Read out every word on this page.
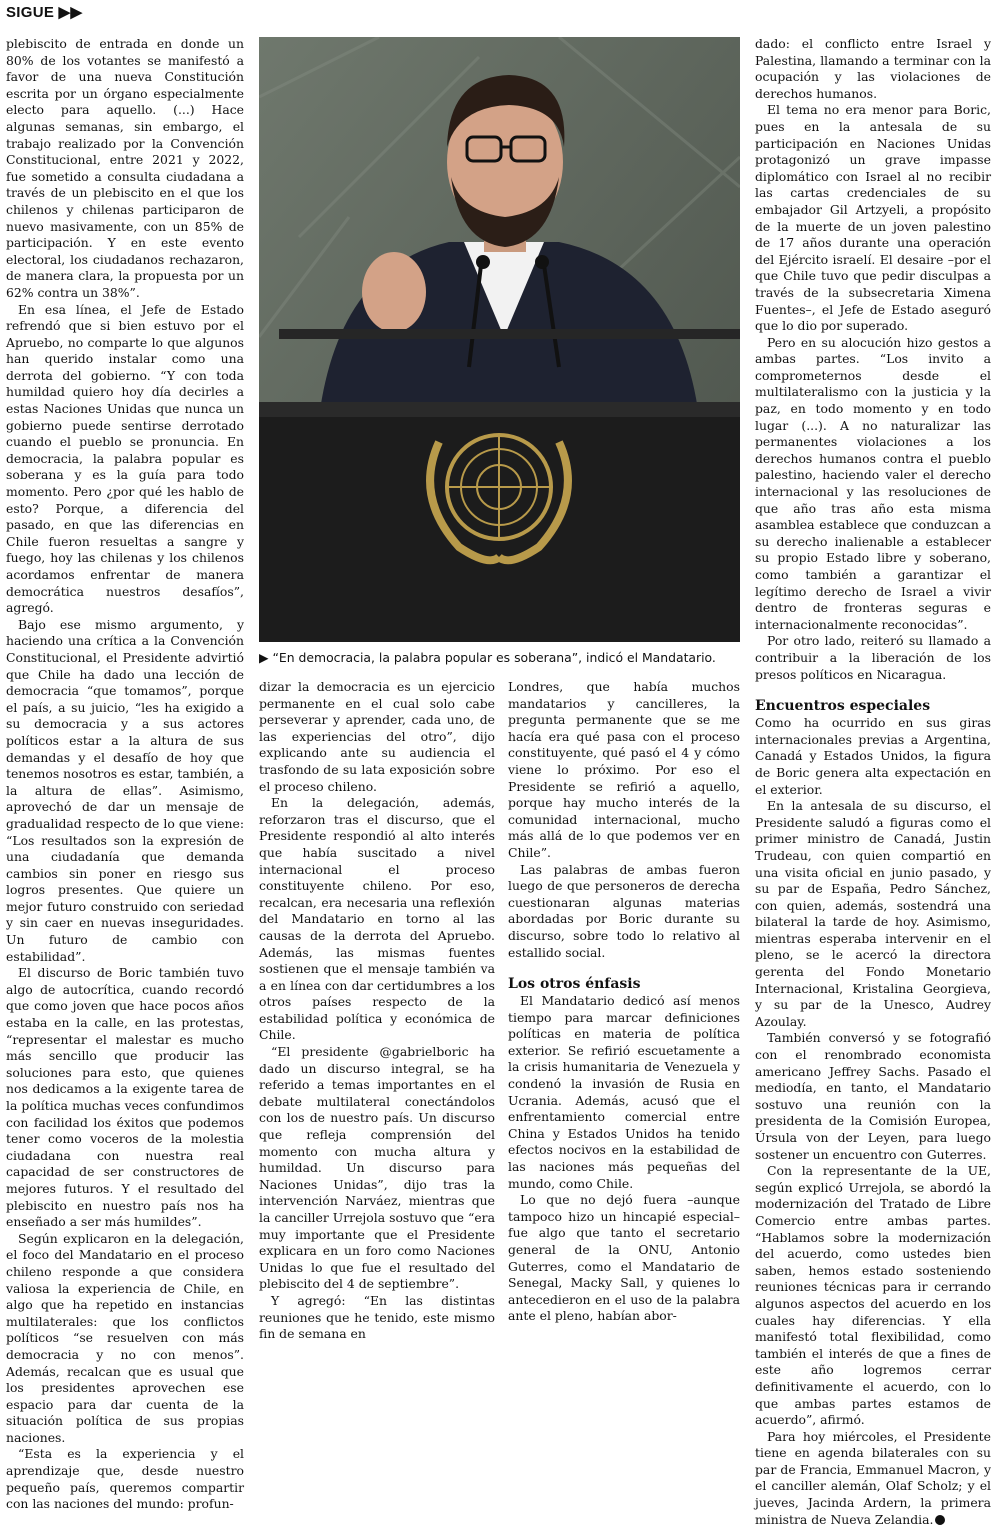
SIGUE ▶▶

plebiscito de entrada en donde un 80% de los votantes se manifestó a favor de una nueva Constitución escrita por un órgano especialmente electo para aquello. (...) Hace algunas semanas, sin embargo, el trabajo realizado por la Convención Constitucional, entre 2021 y 2022, fue sometido a consulta ciudadana a través de un plebiscito en el que los chilenos y chilenas participaron de nuevo masivamente, con un 85% de participación. Y en este evento electoral, los ciudadanos rechazaron, de manera clara, la propuesta por un 62% contra un 38%”.

En esa línea, el Jefe de Estado refrendó que si bien estuvo por el Apruebo, no comparte lo que algunos han querido instalar como una derrota del gobierno. “Y con toda humildad quiero hoy día decirles a estas Naciones Unidas que nunca un gobierno puede sentirse derrotado cuando el pueblo se pronuncia. En democracia, la palabra popular es soberana y es la guía para todo momento. Pero ¿por qué les hablo de esto? Porque, a diferencia del pasado, en que las diferencias en Chile fueron resueltas a sangre y fuego, hoy las chilenas y los chilenos acordamos enfrentar de manera democrática nuestros desafíos”, agregó.

Bajo ese mismo argumento, y haciendo una crítica a la Convención Constitucional, el Presidente advirtió que Chile ha dado una lección de democracia “que tomamos”, porque el país, a su juicio, “les ha exigido a su democracia y a sus actores políticos estar a la altura de sus demandas y el desafío de hoy que tenemos nosotros es estar, también, a la altura de ellas”. Asimismo, aprovechó de dar un mensaje de gradualidad respecto de lo que viene: “Los resultados son la expresión de una ciudadanía que demanda cambios sin poner en riesgo sus logros presentes. Que quiere un mejor futuro construido con seriedad y sin caer en nuevas inseguridades. Un futuro de cambio con estabilidad”.

El discurso de Boric también tuvo algo de autocrítica, cuando recordó que como joven que hace pocos años estaba en la calle, en las protestas, “representar el malestar es mucho más sencillo que producir las soluciones para esto, que quienes nos dedicamos a la exigente tarea de la política muchas veces confundimos con facilidad los éxitos que podemos tener como voceros de la molestia ciudadana con nuestra real capacidad de ser constructores de mejores futuros. Y el resultado del plebiscito en nuestro país nos ha enseñado a ser más humildes”.

Según explicaron en la delegación, el foco del Mandatario en el proceso chileno responde a que considera valiosa la experiencia de Chile, en algo que ha repetido en instancias multilaterales: que los conflictos políticos “se resuelven con más democracia y no con menos”. Además, recalcan que es usual que los presidentes aprovechen ese espacio para dar cuenta de la situación política de sus propias naciones.

“Esta es la experiencia y el aprendizaje que, desde nuestro pequeño país, queremos compartir con las naciones del mundo: profun-

▶ “En democracia, la palabra popular es soberana”, indicó el Mandatario.

dizar la democracia es un ejercicio permanente en el cual solo cabe perseverar y aprender, cada uno, de las experiencias del otro”, dijo explicando ante su audiencia el trasfondo de su lata exposición sobre el proceso chileno.

En la delegación, además, reforzaron tras el discurso, que el Presidente respondió al alto interés que había suscitado a nivel internacional el proceso constituyente chileno. Por eso, recalcan, era necesaria una reflexión del Mandatario en torno al las causas de la derrota del Apruebo. Además, las mismas fuentes sostienen que el mensaje también va a en línea con dar certidumbres a los otros países respecto de la estabilidad política y económica de Chile.

“El presidente @gabrielboric ha dado un discurso integral, se ha referido a temas importantes en el debate multilateral conectándolos con los de nuestro país. Un discurso que refleja comprensión del momento con mucha altura y humildad. Un discurso para Naciones Unidas”, dijo tras la intervención Narváez, mientras que la canciller Urrejola sostuvo que “era muy importante que el Presidente explicara en un foro como Naciones Unidas lo que fue el resultado del plebiscito del 4 de septiembre”.

Y agregó: “En las distintas reuniones que he tenido, este mismo fin de semana en

Londres, que había muchos mandatarios y cancilleres, la pregunta permanente que se me hacía era qué pasa con el proceso constituyente, qué pasó el 4 y cómo viene lo próximo. Por eso el Presidente se refirió a aquello, porque hay mucho interés de la comunidad internacional, mucho más allá de lo que podemos ver en Chile”.

Las palabras de ambas fueron luego de que personeros de derecha cuestionaran algunas materias abordadas por Boric durante su discurso, sobre todo lo relativo al estallido social.

Los otros énfasis

El Mandatario dedicó así menos tiempo para marcar definiciones políticas en materia de política exterior. Se refirió escuetamente a la crisis humanitaria de Venezuela y condenó la invasión de Rusia en Ucrania. Además, acusó que el enfrentamiento comercial entre China y Estados Unidos ha tenido efectos nocivos en la estabilidad de las naciones más pequeñas del mundo, como Chile.

Lo que no dejó fuera –aunque tampoco hizo un hincapié especial– fue algo que tanto el secretario general de la ONU, Antonio Guterres, como el Mandatario de Senegal, Macky Sall, y quienes lo antecedieron en el uso de la palabra ante el pleno, habían abor-

dado: el conflicto entre Israel y Palestina, llamando a terminar con la ocupación y las violaciones de derechos humanos.

El tema no era menor para Boric, pues en la antesala de su participación en Naciones Unidas protagonizó un grave impasse diplomático con Israel al no recibir las cartas credenciales de su embajador Gil Artzyeli, a propósito de la muerte de un joven palestino de 17 años durante una operación del Ejército israelí. El desaire –por el que Chile tuvo que pedir disculpas a través de la subsecretaria Ximena Fuentes–, el Jefe de Estado aseguró que lo dio por superado.

Pero en su alocución hizo gestos a ambas partes. “Los invito a comprometernos desde el multilateralismo con la justicia y la paz, en todo momento y en todo lugar (...). A no naturalizar las permanentes violaciones a los derechos humanos contra el pueblo palestino, haciendo valer el derecho internacional y las resoluciones de que año tras año esta misma asamblea establece que conduzcan a su derecho inalienable a establecer su propio Estado libre y soberano, como también a garantizar el legítimo derecho de Israel a vivir dentro de fronteras seguras e internacionalmente reconocidas”.

Por otro lado, reiteró su llamado a contribuir a la liberación de los presos políticos en Nicaragua.

Encuentros especiales

Como ha ocurrido en sus giras internacionales previas a Argentina, Canadá y Estados Unidos, la figura de Boric genera alta expectación en el exterior.

En la antesala de su discurso, el Presidente saludó a figuras como el primer ministro de Canadá, Justin Trudeau, con quien compartió en una visita oficial en junio pasado, y su par de España, Pedro Sánchez, con quien, además, sostendrá una bilateral la tarde de hoy. Asimismo, mientras esperaba intervenir en el pleno, se le acercó la directora gerenta del Fondo Monetario Internacional, Kristalina Georgieva, y su par de la Unesco, Audrey Azoulay.

También conversó y se fotografió con el renombrado economista americano Jeffrey Sachs. Pasado el mediodía, en tanto, el Mandatario sostuvo una reunión con la presidenta de la Comisión Europea, Úrsula von der Leyen, para luego sostener un encuentro con Guterres.

Con la representante de la UE, según explicó Urrejola, se abordó la modernización del Tratado de Libre Comercio entre ambas partes. “Hablamos sobre la modernización del acuerdo, como ustedes bien saben, hemos estado sosteniendo reuniones técnicas para ir cerrando algunos aspectos del acuerdo en los cuales hay diferencias. Y ella manifestó total flexibilidad, como también el interés de que a fines de este año logremos cerrar definitivamente el acuerdo, con lo que ambas partes estamos de acuerdo”, afirmó.

Para hoy miércoles, el Presidente tiene en agenda bilaterales con su par de Francia, Emmanuel Macron, y el canciller alemán, Olaf Scholz; y el jueves, Jacinda Ardern, la primera ministra de Nueva Zelandia.
